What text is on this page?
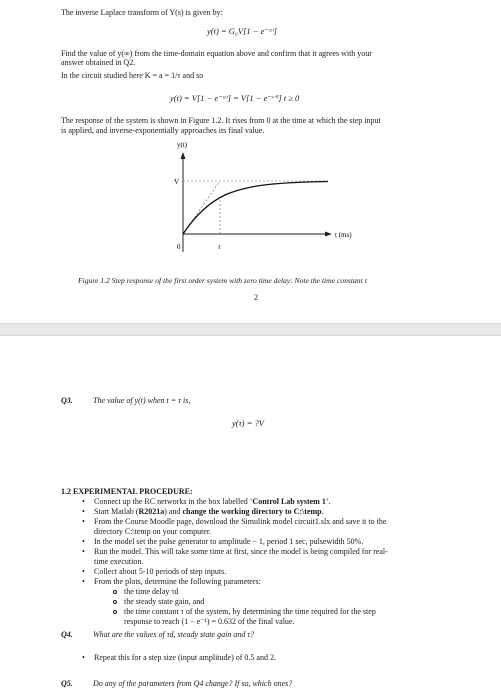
The inverse Laplace transform of Y(s) is given by:
y(t) = G₀V[1 − e⁻ᵃᵗ]
Find the value of y(∞) from the time-domain equation above and confirm that it agrees with your
answer obtained in Q2.
In the circuit studied here K = a = 1/τ and so
y(t) = V[1 − e⁻ᵃᵗ] = V[1 − e⁻ᵗᐟᵗ] t ≥ 0
The response of the system is shown in Figure 1.2. It rises from 0 at the time at which the step input
is applied, and inverse-exponentially approaches its final value.
y(t)
V
0	τ
t (ms)
Figure 1.2 Step response of the first order system with zero time delay: Note the time constant τ
2
Q3.	The value of y(t) when t = τ is,
y(τ) = ?V
1.2 EXPERIMENTAL PROCEDURE:
• Connect up the RC networks in the box labelled ‘Control Lab system 1’.
• Start Matlab (R2021a) and change the working directory to C:\temp.
• From the Course Moodle page, download the Simulink model circuit1.slx and save it to the
directory C:\temp on your computer.
• In the model set the pulse generator to amplitude − 1, period 1 sec, pulsewidth 50%.
• Run the model. This will take some time at first, since the model is being compiled for real-
time execution.
• Collect about 5-10 periods of step inputs.
• From the plots, determine the following parameters:
the time delay τd
the steady state gain, and
the time constant τ of the system, by determining the time required for the step
response to reach (1 − e⁻¹) = 0.632 of the final value.
Q4.	What are the values of τd, steady state gain and τ?
• Repeat this for a step size (input amplitude) of 0.5 and 2.
Q5.	Do any of the parameters from Q4 change? If so, which ones?
